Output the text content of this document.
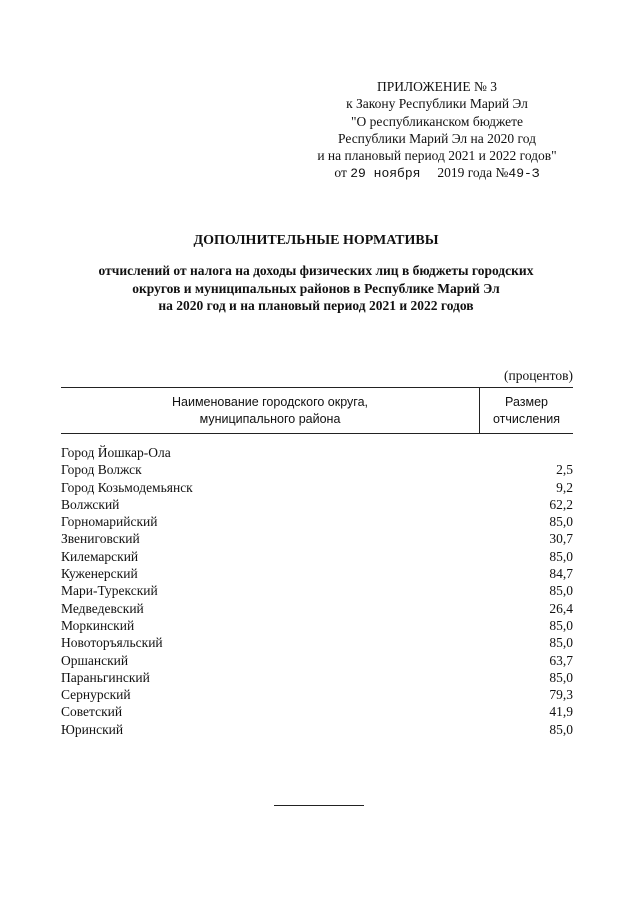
ПРИЛОЖЕНИЕ № 3
к Закону Республики Марий Эл
"О республиканском бюджете
Республики Марий Эл на 2020 год
и на плановый период 2021 и 2022 годов"
от 29 ноября 2019 года №49-З
ДОПОЛНИТЕЛЬНЫЕ НОРМАТИВЫ
отчислений от налога на доходы физических лиц в бюджеты городских
округов и муниципальных районов в Республике Марий Эл
на 2020 год и на плановый период 2021 и 2022 годов
(процентов)
Наименование городского округа,
муниципального района
Размер
отчисления
Город Йошкар-Ола
Город Волжск	2,5
Город Козьмодемьянск	9,2
Волжский	62,2
Горномарийский	85,0
Звениговский	30,7
Килемарский	85,0
Куженерский	84,7
Мари-Турекский	85,0
Медведевский	26,4
Моркинский	85,0
Новоторъяльский	85,0
Оршанский	63,7
Параньгинский	85,0
Сернурский	79,3
Советский	41,9
Юринский	85,0
